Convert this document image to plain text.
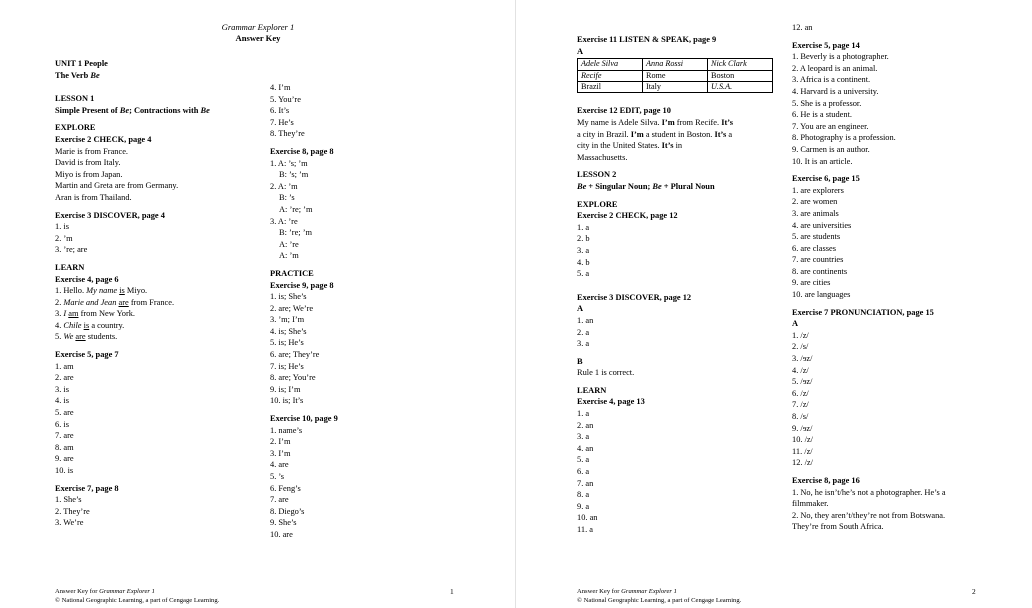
Grammar Explorer 1
Answer Key
UNIT 1 People
The Verb Be
LESSON 1
Simple Present of Be; Contractions with Be
EXPLORE
Exercise 2 CHECK, page 4
Marie is from France.
David is from Italy.
Miyo is from Japan.
Martin and Greta are from Germany.
Aran is from Thailand.
Exercise 3 DISCOVER, page 4
1. is
2. ’m
3. ’re; are
LEARN
Exercise 4, page 6
1. Hello. My name is Miyo.
2. Marie and Jean are from France.
3. I am from New York.
4. Chile is a country.
5. We are students.
Exercise 5, page 7
1. am
2. are
3. is
4. is
5. are
6. is
7. are
8. am
9. are
10. is
Exercise 7, page 8
1. She’s
2. They’re
3. We’re
4. I’m
5. You’re
6. It’s
7. He’s
8. They’re
Exercise 8, page 8
1. A: ’s; ’m
B: ’s; ’m
2. A: ’m
B: ’s
A: ’re; ’m
3. A: ’re
B: ’re; ’m
A: ’re
A: ’m
PRACTICE
Exercise 9, page 8
1. is; She’s
2. are; We’re
3. ’m; I’m
4. is; She’s
5. is; He’s
6. are; They’re
7. is; He’s
8. are; You’re
9. is; I’m
10. is; It’s
Exercise 10, page 9
1. name’s
2. I’m
3. I’m
4. are
5. ’s
6. Feng’s
7. are
8. Diego’s
9. She’s
10. are
Answer Key for Grammar Explorer 1
© National Geographic Learning, a part of Cengage Learning.
1
Exercise 11 LISTEN & SPEAK, page 9
A
Adele Silva	Anna Rossi	Nick Clark
Recife	Rome	Boston
Brazil	Italy	U.S.A.
Exercise 12 EDIT, page 10
My name is Adele Silva. I’m from Recife. It’s
a city in Brazil. I’m a student in Boston. It’s a
city in the United States. It’s in
Massachusetts.
LESSON 2
Be + Singular Noun; Be + Plural Noun
EXPLORE
Exercise 2 CHECK, page 12
1. a
2. b
3. a
4. b
5. a
Exercise 3 DISCOVER, page 12
A
1. an
2. a
3. a
B
Rule 1 is correct.
LEARN
Exercise 4, page 13
1. a
2. an
3. a
4. an
5. a
6. a
7. an
8. a
9. a
10. an
11. a
12. an
Exercise 5, page 14
1. Beverly is a photographer.
2. A leopard is an animal.
3. Africa is a continent.
4. Harvard is a university.
5. She is a professor.
6. He is a student.
7. You are an engineer.
8. Photography is a profession.
9. Carmen is an author.
10. It is an article.
Exercise 6, page 15
1. are explorers
2. are women
3. are animals
4. are universities
5. are students
6. are classes
7. are countries
8. are continents
9. are cities
10. are languages
Exercise 7 PRONUNCIATION, page 15
A
1. /z/
2. /s/
3. /ɘz/
4. /z/
5. /ɘz/
6. /z/
7. /z/
8. /s/
9. /ɘz/
10. /z/
11. /z/
12. /z/
Exercise 8, page 16
1. No, he isn’t/he’s not a photographer. He’s a
filmmaker.
2. No, they aren’t/they’re not from Botswana.
They’re from South Africa.
Answer Key for Grammar Explorer 1
© National Geographic Learning, a part of Cengage Learning.
2
